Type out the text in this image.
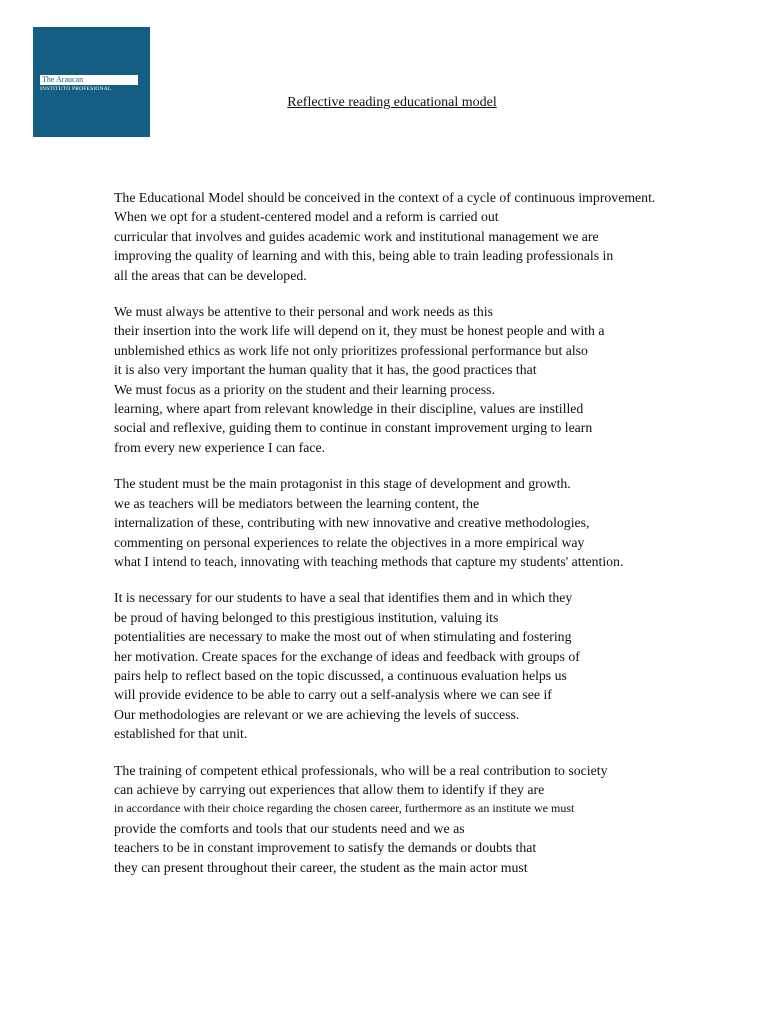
The Araucan
INSTITUTO PROFESIONAL
Reflective reading educational model
The Educational Model should be conceived in the context of a cycle of continuous improvement.
When we opt for a student-centered model and a reform is carried out
curricular that involves and guides academic work and institutional management we are
improving the quality of learning and with this, being able to train leading professionals in
all the areas that can be developed.
We must always be attentive to their personal and work needs as this
their insertion into the work life will depend on it, they must be honest people and with a
unblemished ethics as work life not only prioritizes professional performance but also
it is also very important the human quality that it has, the good practices that
We must focus as a priority on the student and their learning process.
learning, where apart from relevant knowledge in their discipline, values are instilled
social and reflexive, guiding them to continue in constant improvement urging to learn
from every new experience I can face.
The student must be the main protagonist in this stage of development and growth.
we as teachers will be mediators between the learning content, the
internalization of these, contributing with new innovative and creative methodologies,
commenting on personal experiences to relate the objectives in a more empirical way
what I intend to teach, innovating with teaching methods that capture my students' attention.
It is necessary for our students to have a seal that identifies them and in which they
be proud of having belonged to this prestigious institution, valuing its
potentialities are necessary to make the most out of when stimulating and fostering
her motivation. Create spaces for the exchange of ideas and feedback with groups of
pairs help to reflect based on the topic discussed, a continuous evaluation helps us
will provide evidence to be able to carry out a self-analysis where we can see if
Our methodologies are relevant or we are achieving the levels of success.
established for that unit.
The training of competent ethical professionals, who will be a real contribution to society
can achieve by carrying out experiences that allow them to identify if they are
in accordance with their choice regarding the chosen career, furthermore as an institute we must
provide the comforts and tools that our students need and we as
teachers to be in constant improvement to satisfy the demands or doubts that
they can present throughout their career, the student as the main actor must
